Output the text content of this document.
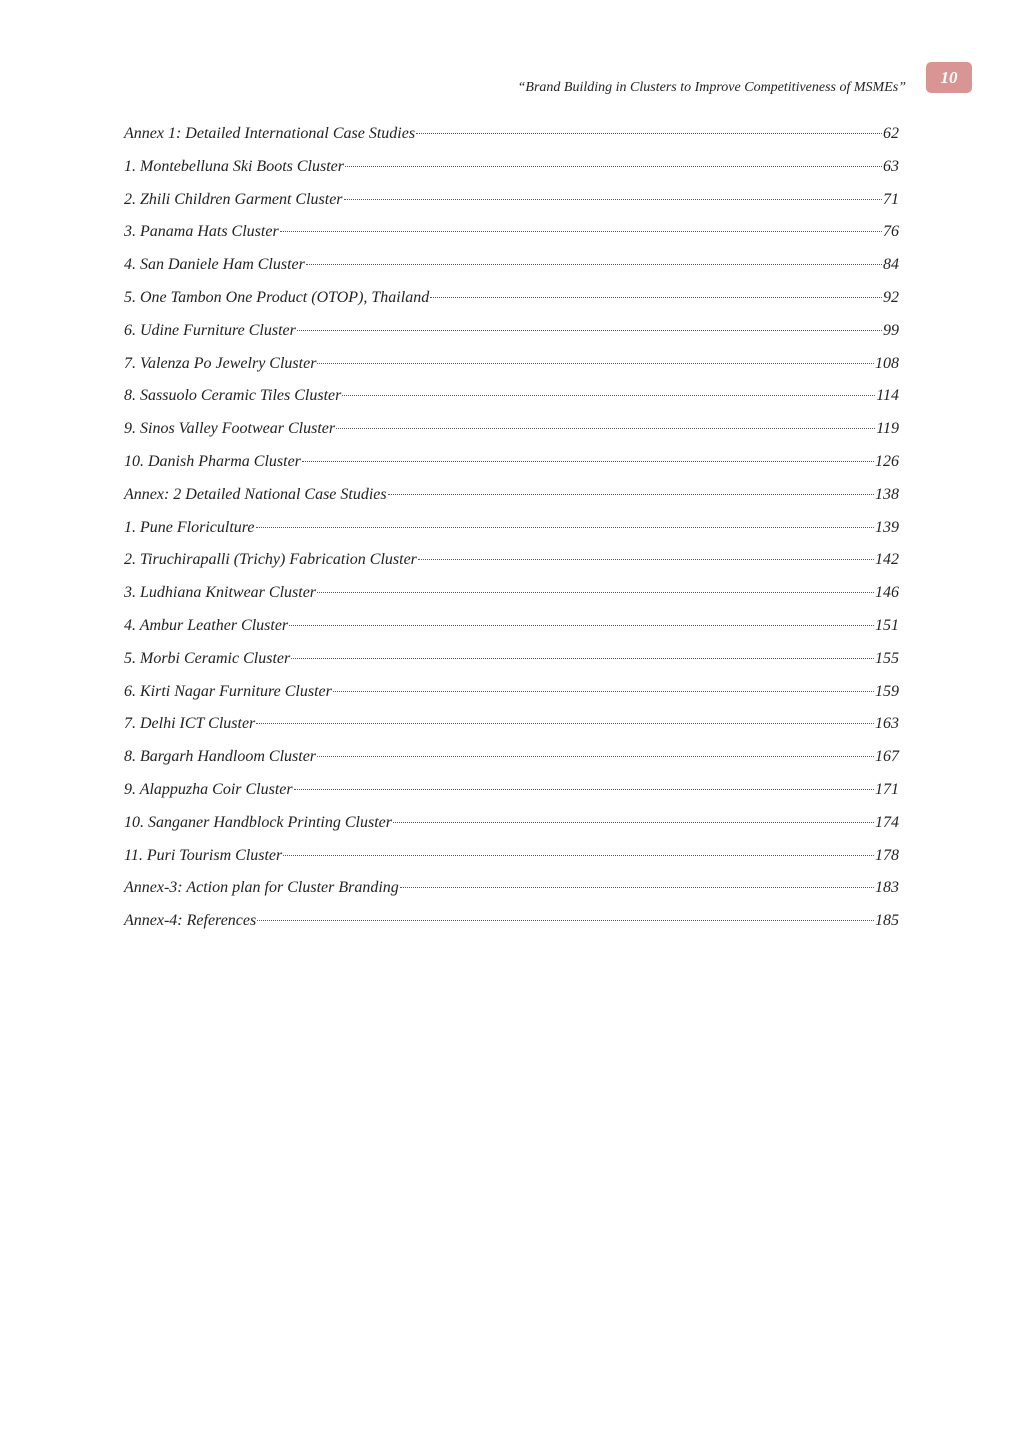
10
“Brand Building in Clusters to Improve Competitiveness of MSMEs”
Annex 1: Detailed International Case Studies	62
1. Montebelluna Ski Boots Cluster	63
2. Zhili Children Garment Cluster	71
3. Panama Hats Cluster	76
4. San Daniele Ham Cluster	84
5. One Tambon One Product (OTOP), Thailand	92
6. Udine Furniture Cluster	99
7. Valenza Po Jewelry Cluster	108
8. Sassuolo Ceramic Tiles Cluster	114
9. Sinos Valley Footwear Cluster	119
10. Danish Pharma Cluster	126
Annex: 2 Detailed National Case Studies	138
1. Pune Floriculture	139
2. Tiruchirapalli (Trichy) Fabrication Cluster	142
3. Ludhiana Knitwear Cluster	146
4. Ambur Leather Cluster	151
5. Morbi Ceramic Cluster	155
6. Kirti Nagar Furniture Cluster	159
7. Delhi ICT Cluster	163
8. Bargarh Handloom Cluster	167
9. Alappuzha Coir Cluster	171
10. Sanganer Handblock Printing Cluster	174
11. Puri Tourism Cluster	178
Annex-3: Action plan for Cluster Branding	183
Annex-4: References	185
